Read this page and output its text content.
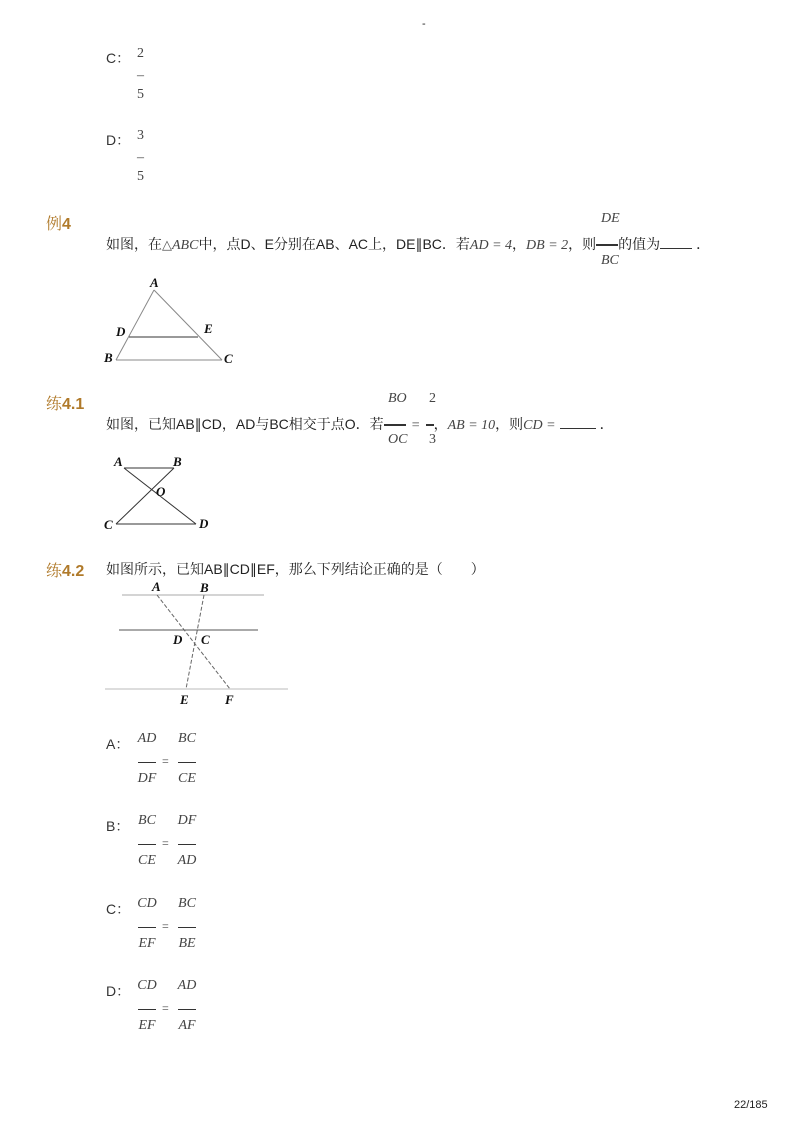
-
C： 2
–
5
D： 3
–
5
例4	DE
BC
如图，在△ABC中，点D、E分别在AB、AC上，DE∥BC．若AD = 4，DB = 2，则 的值为	．
A
D	E
B	C
练4.1	BO
OC
2
3
如图，已知AB∥CD，AD与BC相交于点O．若 = ，AB = 10，则CD =	．
A	B
O
C	D
练4.2 如图所示，已知AB∥CD∥EF，那么下列结论正确的是（　　）
A	B
D C
E	F
A： AD
DF
=
BC
CE
B： BC
CE
=
DF
AD
C： CD
EF
=
BC
BE
D： CD
EF
=
AD
AF
22/185
